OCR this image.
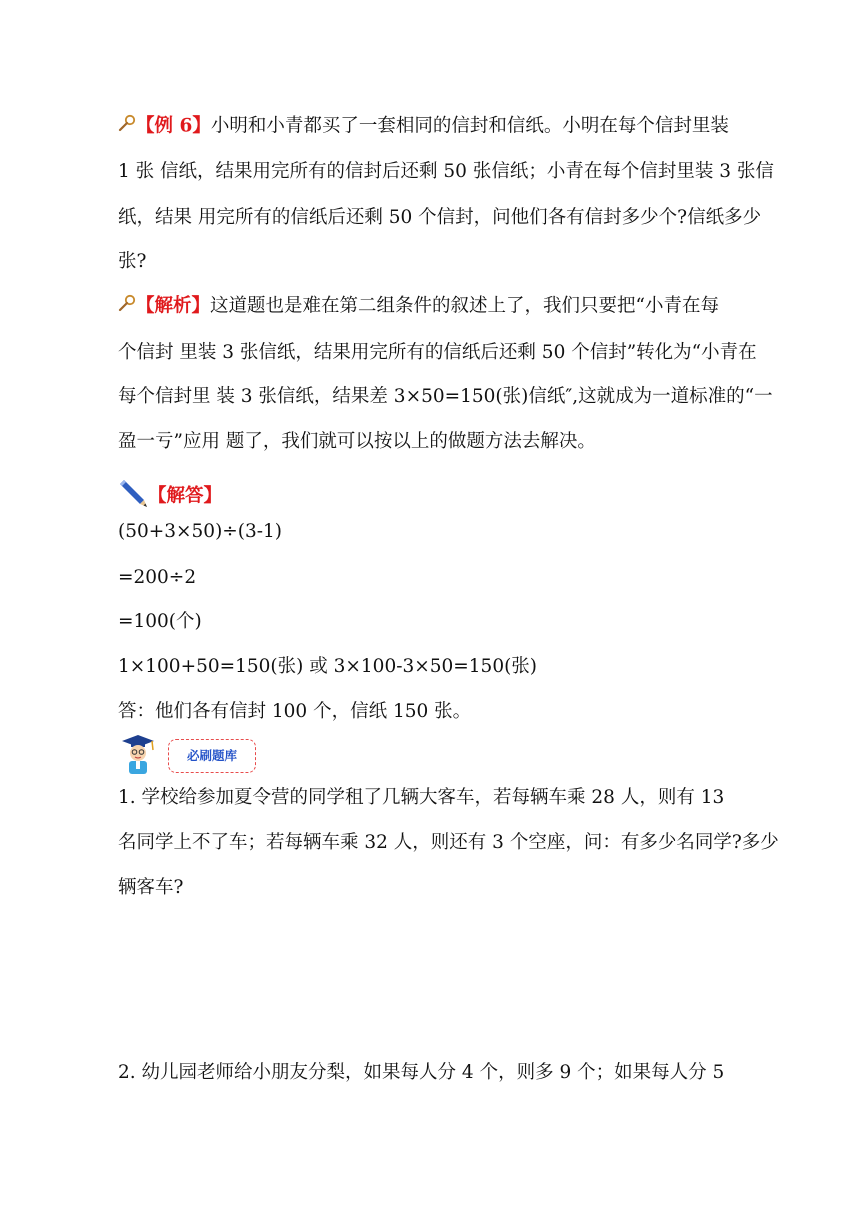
【例 6】小明和小青都买了一套相同的信封和信纸。小明在每个信封里装
1 张 信纸，结果用完所有的信封后还剩 50 张信纸；小青在每个信封里装 3 张信
纸，结果 用完所有的信纸后还剩 50 个信封，问他们各有信封多少个?信纸多少
张?
【解析】这道题也是难在第二组条件的叙述上了，我们只要把“小青在每
个信封 里装 3 张信纸，结果用完所有的信纸后还剩 50 个信封”转化为“小青在
每个信封里 装 3 张信纸，结果差 3×50=150(张)信纸″,这就成为一道标准的“一
盈一亏”应用 题了，我们就可以按以上的做题方法去解决。
【解答】
(50+3×50)÷(3-1)
=200÷2
=100(个)
1×100+50=150(张) 或 3×100-3×50=150(张)
答：他们各有信封 100 个，信纸 150 张。
必刷题库
1. 学校给参加夏令营的同学租了几辆大客车，若每辆车乘 28 人，则有 13
名同学上不了车；若每辆车乘 32 人，则还有 3 个空座，问：有多少名同学?多少
辆客车?
2. 幼儿园老师给小朋友分梨，如果每人分 4 个，则多 9 个；如果每人分 5
